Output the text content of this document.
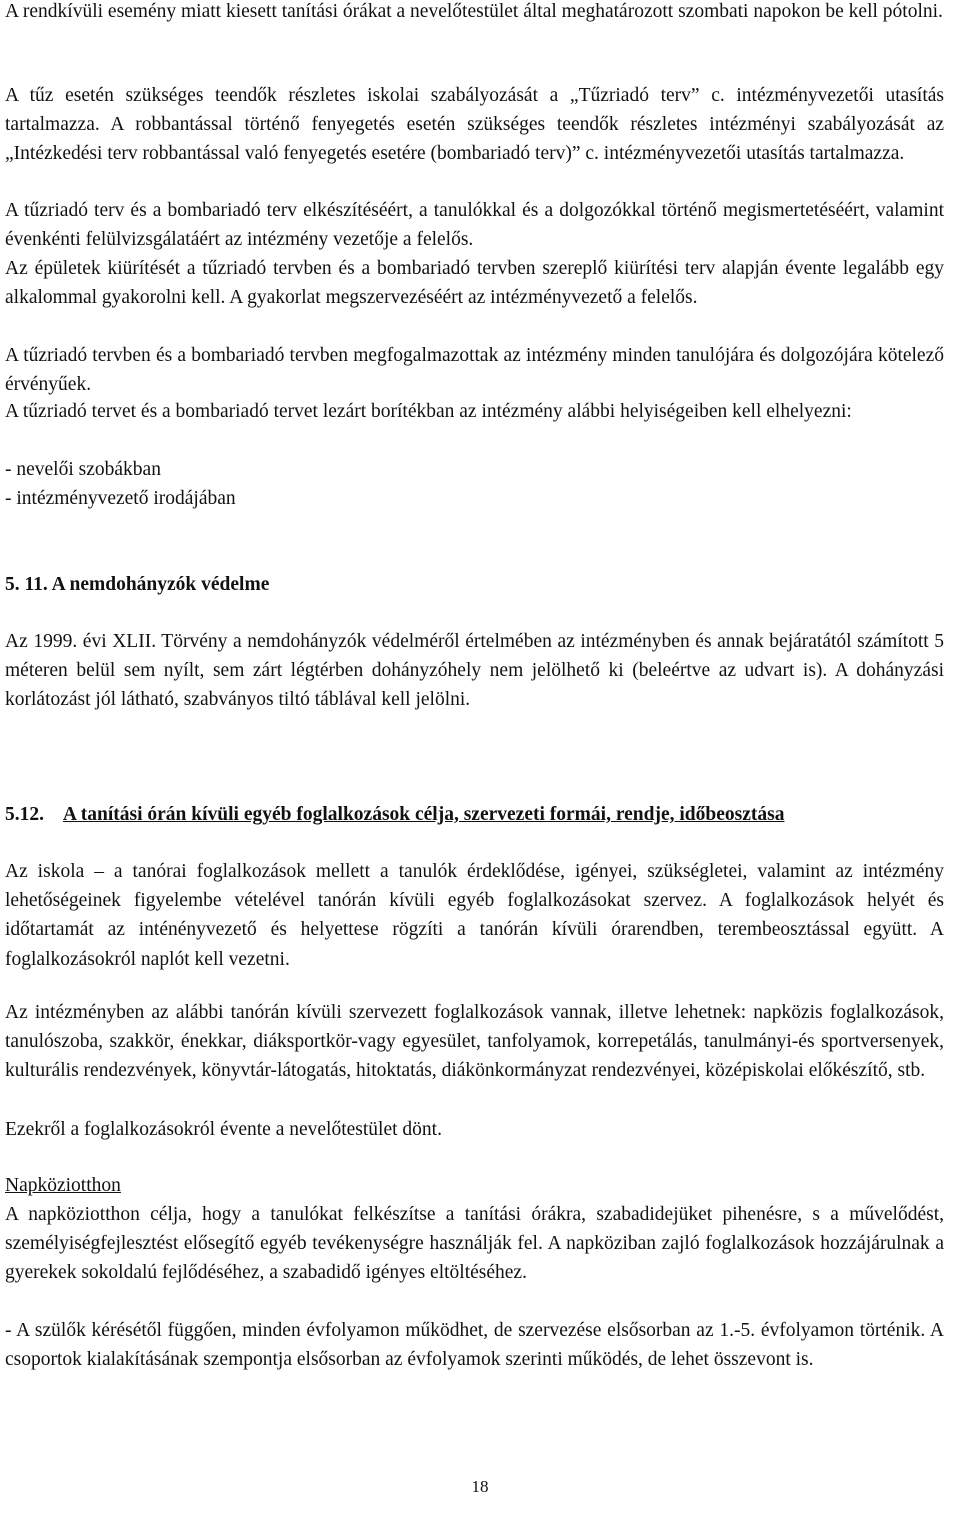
A rendkívüli esemény miatt kiesett tanítási órákat a nevelőtestület által meghatározott szombati napokon be kell pótolni.

A tűz esetén szükséges teendők részletes iskolai szabályozását a „Tűzriadó terv” c. intézményvezetői utasítás tartalmazza. A robbantással történő fenyegetés esetén szükséges teendők részletes intézményi szabályozását az „Intézkedési terv robbantással való fenyegetés esetére (bombariadó terv)” c. intézményvezetői utasítás tartalmazza.

A tűzriadó terv és a bombariadó terv elkészítéséért, a tanulókkal és a dolgozókkal történő megismertetéséért, valamint évenkénti felülvizsgálatáért az intézmény vezetője a felelős.

Az épületek kiürítését a tűzriadó tervben és a bombariadó tervben szereplő kiürítési terv alapján évente legalább egy alkalommal gyakorolni kell. A gyakorlat megszervezéséért az intézményvezető a felelős.

A tűzriadó tervben és a bombariadó tervben megfogalmazottak az intézmény minden tanulójára és dolgozójára kötelező érvényűek.

A tűzriadó tervet és a bombariadó tervet lezárt borítékban az intézmény alábbi helyiségeiben kell elhelyezni:

- nevelői szobákban

- intézményvezető irodájában

5. 11. A nemdohányzók védelme

Az 1999. évi XLII. Törvény a nemdohányzók védelméről értelmében az intézményben és annak bejáratától számított 5 méteren belül sem nyílt, sem zárt légtérben dohányzóhely nem jelölhető ki (beleértve az udvart is). A dohányzási korlátozást jól látható, szabványos tiltó táblával kell jelölni.

5.12. A tanítási órán kívüli egyéb foglalkozások célja, szervezeti formái, rendje, időbeosztása

Az iskola – a tanórai foglalkozások mellett a tanulók érdeklődése, igényei, szükségletei, valamint az intézmény lehetőségeinek figyelembe vételével tanórán kívüli egyéb foglalkozásokat szervez. A foglalkozások helyét és időtartamát az inténényvezető és helyettese rögzíti a tanórán kívüli órarendben, terembeosztással együtt. A foglalkozásokról naplót kell vezetni.

Az intézményben az alábbi tanórán kívüli szervezett foglalkozások vannak, illetve lehetnek: napközis foglalkozások, tanulószoba, szakkör, énekkar, diáksportkör-vagy egyesület, tanfolyamok, korrepetálás, tanulmányi-és sportversenyek, kulturális rendezvények, könyvtár-látogatás, hitoktatás, diákönkormányzat rendezvényei, középiskolai előkészítő, stb.

Ezekről a foglalkozásokról évente a nevelőtestület dönt.

Napköziotthon

A napköziotthon célja, hogy a tanulókat felkészítse a tanítási órákra, szabadidejüket pihenésre, s a művelődést, személyiségfejlesztést elősegítő egyéb tevékenységre használják fel. A napköziban zajló foglalkozások hozzájárulnak a gyerekek sokoldalú fejlődéséhez, a szabadidő igényes eltöltéséhez.

- A szülők kérésétől függően, minden évfolyamon működhet, de szervezése elsősorban az 1.-5. évfolyamon történik. A csoportok kialakításának szempontja elsősorban az évfolyamok szerinti működés, de lehet összevont is.

18
